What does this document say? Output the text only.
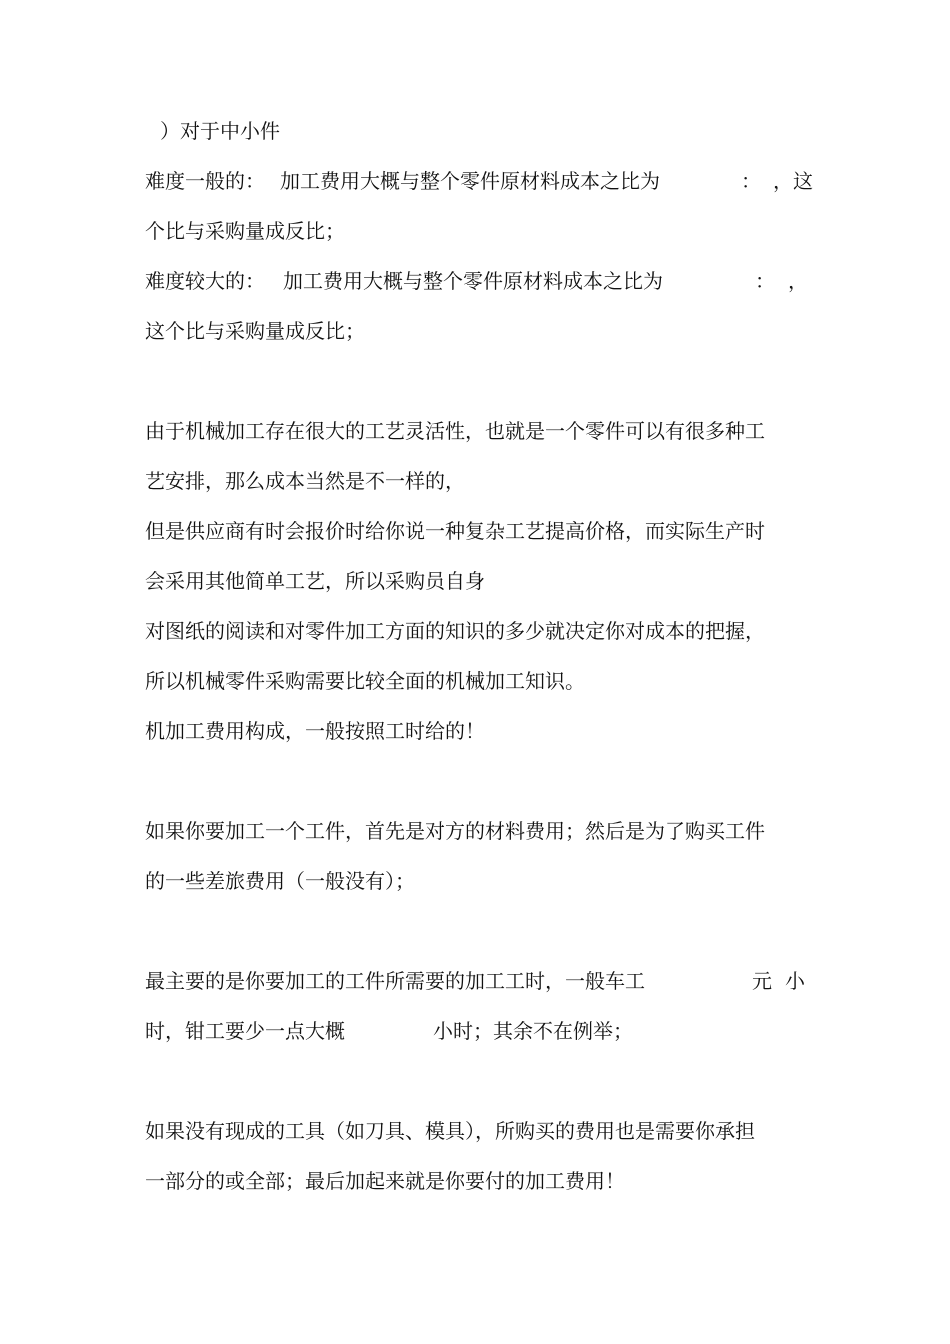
）对于中小件
难度一般的： 加工费用大概与整个零件原材料成本之比为	： ，这
个比与采购量成反比；
难度较大的： 加工费用大概与整个零件原材料成本之比为	： ，
这个比与采购量成反比；
由于机械加工存在很大的工艺灵活性，也就是一个零件可以有很多种工
艺安排，那么成本当然是不一样的，
但是供应商有时会报价时给你说一种复杂工艺提高价格，而实际生产时
会采用其他简单工艺，所以采购员自身
对图纸的阅读和对零件加工方面的知识的多少就决定你对成本的把握，
所以机械零件采购需要比较全面的机械加工知识。
机加工费用构成，一般按照工时给的！
如果你要加工一个工件，首先是对方的材料费用；然后是为了购买工件
的一些差旅费用（一般没有）；
最主要的是你要加工的工件所需要的加工工时，一般车工	元 小
时，钳工要少一点大概	小时；其余不在例举；
如果没有现成的工具（如刀具、模具），所购买的费用也是需要你承担
一部分的或全部；最后加起来就是你要付的加工费用！
